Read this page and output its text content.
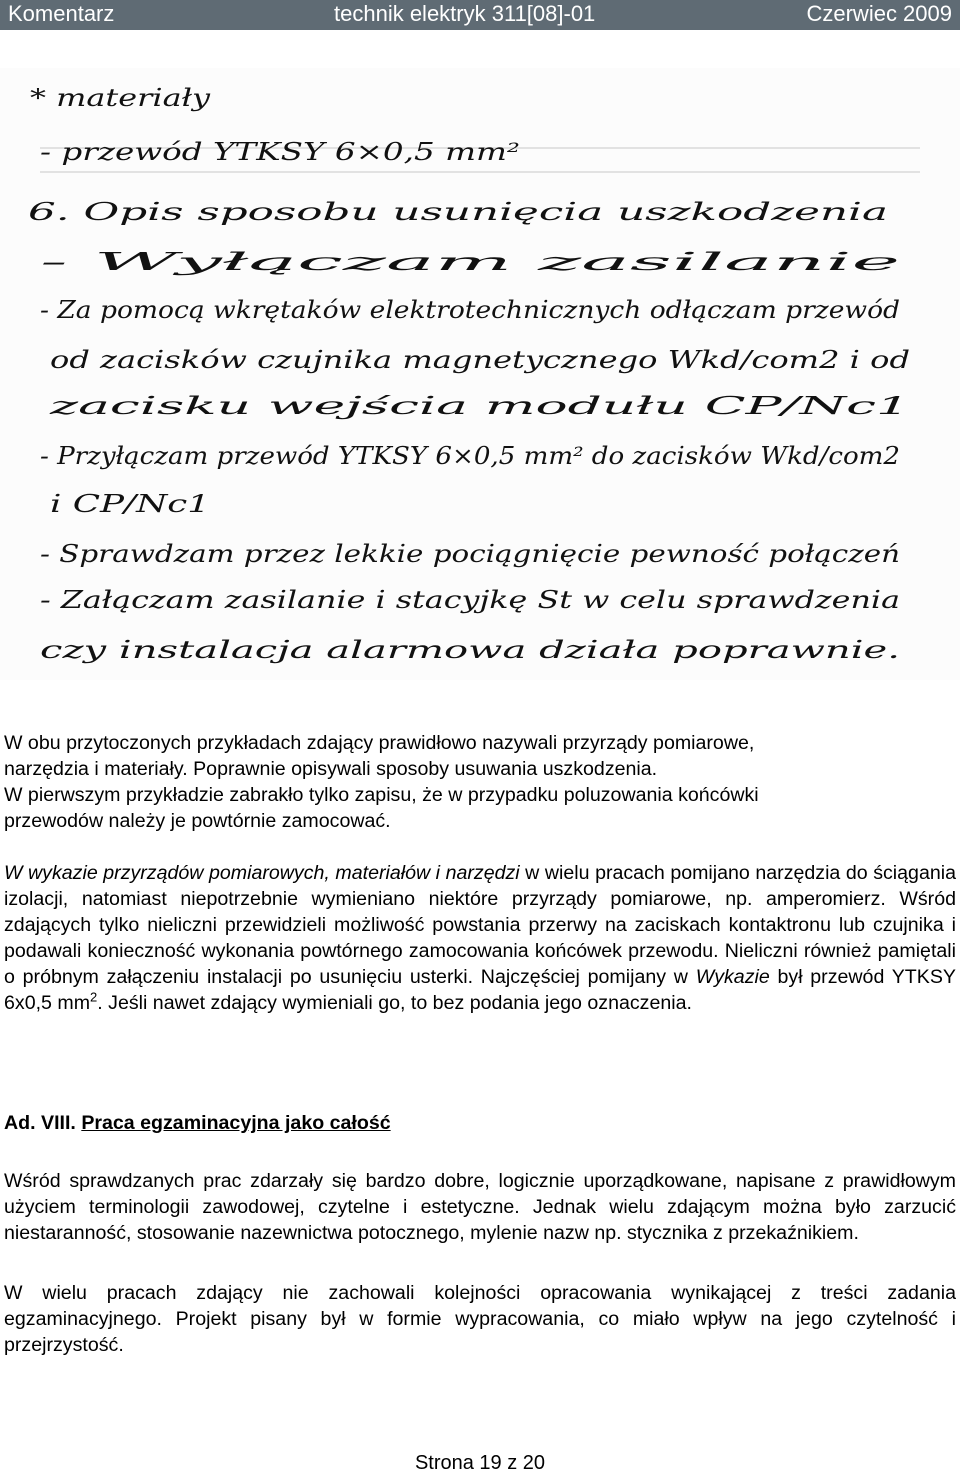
Komentarz	technik elektryk 311[08]-01	Czerwiec 2009
* materiały
- przewód YTKSY 6×0,5 mm²
6. Opis sposobu usunięcia uszkodzenia
- Wyłączam zasilanie
- Za pomocą wkrętaków elektrotechnicznych odłączam przewód
od zacisków czujnika magnetycznego Wkd/com2 i od
zacisku wejścia modułu CP/Nc1
- Przyłączam przewód YTKSY 6×0,5 mm² do zacisków Wkd/com2
i CP/Nc1
- Sprawdzam przez lekkie pociągnięcie pewność połączeń
- Załączam zasilanie i stacyjkę St w celu sprawdzenia
czy instalacja alarmowa działa poprawnie.
W obu przytoczonych przykładach zdający prawidłowo nazywali przyrządy pomiarowe,
narzędzia i materiały. Poprawnie opisywali sposoby usuwania uszkodzenia.
W pierwszym przykładzie zabrakło tylko zapisu, że w przypadku poluzowania końcówki
przewodów należy je powtórnie zamocować.
W wykazie przyrządów pomiarowych, materiałów i narzędzi w wielu pracach pomijano narzędzia do ściągania izolacji, natomiast niepotrzebnie wymieniano niektóre przyrządy pomiarowe, np. amperomierz. Wśród zdających tylko nieliczni przewidzieli możliwość powstania przerwy na zaciskach kontaktronu lub czujnika i podawali konieczność wykonania powtórnego zamocowania końcówek przewodu. Nieliczni również pamiętali o próbnym załączeniu instalacji po usunięciu usterki. Najczęściej pomijany w Wykazie był przewód YTKSY 6x0,5 $mm^2$. Jeśli nawet zdający wymieniali go, to bez podania jego oznaczenia.
Ad. VIII. Praca egzaminacyjna jako całość
Wśród sprawdzanych prac zdarzały się bardzo dobre, logicznie uporządkowane, napisane z prawidłowym użyciem terminologii zawodowej, czytelne i estetyczne. Jednak wielu zdającym można było zarzucić niestaranność, stosowanie nazewnictwa potocznego, mylenie nazw np. stycznika z przekaźnikiem.
W wielu pracach zdający nie zachowali kolejności opracowania wynikającej z treści zadania egzaminacyjnego. Projekt pisany był w formie wypracowania, co miało wpływ na jego czytelność i przejrzystość.
Strona 19 z 20
